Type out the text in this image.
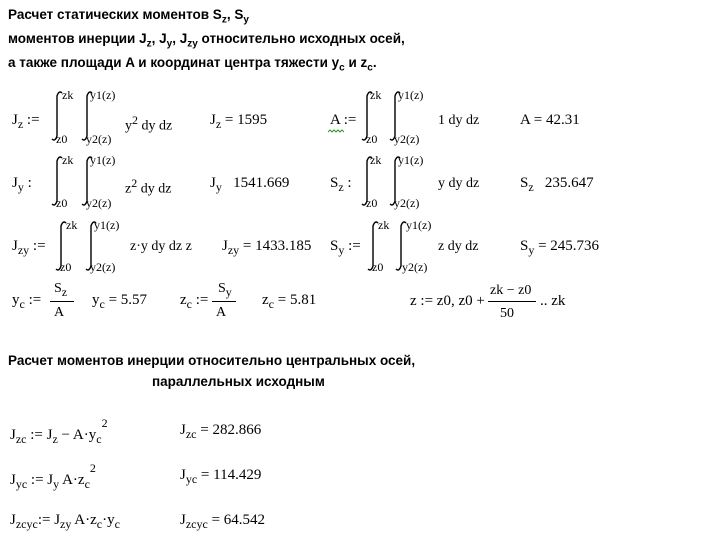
Расчет статических моментов $S_z$, $S_y$
моментов инерции $J_z$, $J_y$, $J_{zy}$ относительно исходных осей,
а также площади A и координат центра тяжести $y_c$ и $z_c$.
$J_z$ :=
zk y1(z)
$y^2$ dy dz
z0 y2(z)
$J_z = 1595$	A :=
zk y1(z)
1 dy dz
z0 y2(z)
A = 42.31
$J_y$ :
zk y1(z)
$z^2$ dy dz
z0 y2(z)
$J_y$ 1541.669	$S_z$ :
zk y1(z)
y dy dz
z0 y2(z)
$S_z$ 235.647
$J_{zy}$ :=
zk y1(z)
z·y dy dz z
z0 y2(z)
$J_{zy} = 1433.185$ $S_y$ :=
zk y1(z)
z dy dz
z0 y2(z)
$S_y = 245.736$
$y_c$ :=
$S_z$
A
$y_c = 5.57$ $z_c$ :=
$S_y$
A
$z_c = 5.81$	z := z0, z0 +
zk − z0
50
.. zk
Расчет моментов инерции относительно центральных осей,
параллельных исходным
$J_{zc}$ := $J_z - A\cdot y_c^2$	$J_{zc} = 282.866$
$J_{yc}$ := $J_y$ $A\cdot z_c^2$	$J_{yc} = 114.429$
$J_{zcyc}:= J_{zy}$ $A\cdot z_c\cdot y_c$	$J_{zcyc} = 64.542$
